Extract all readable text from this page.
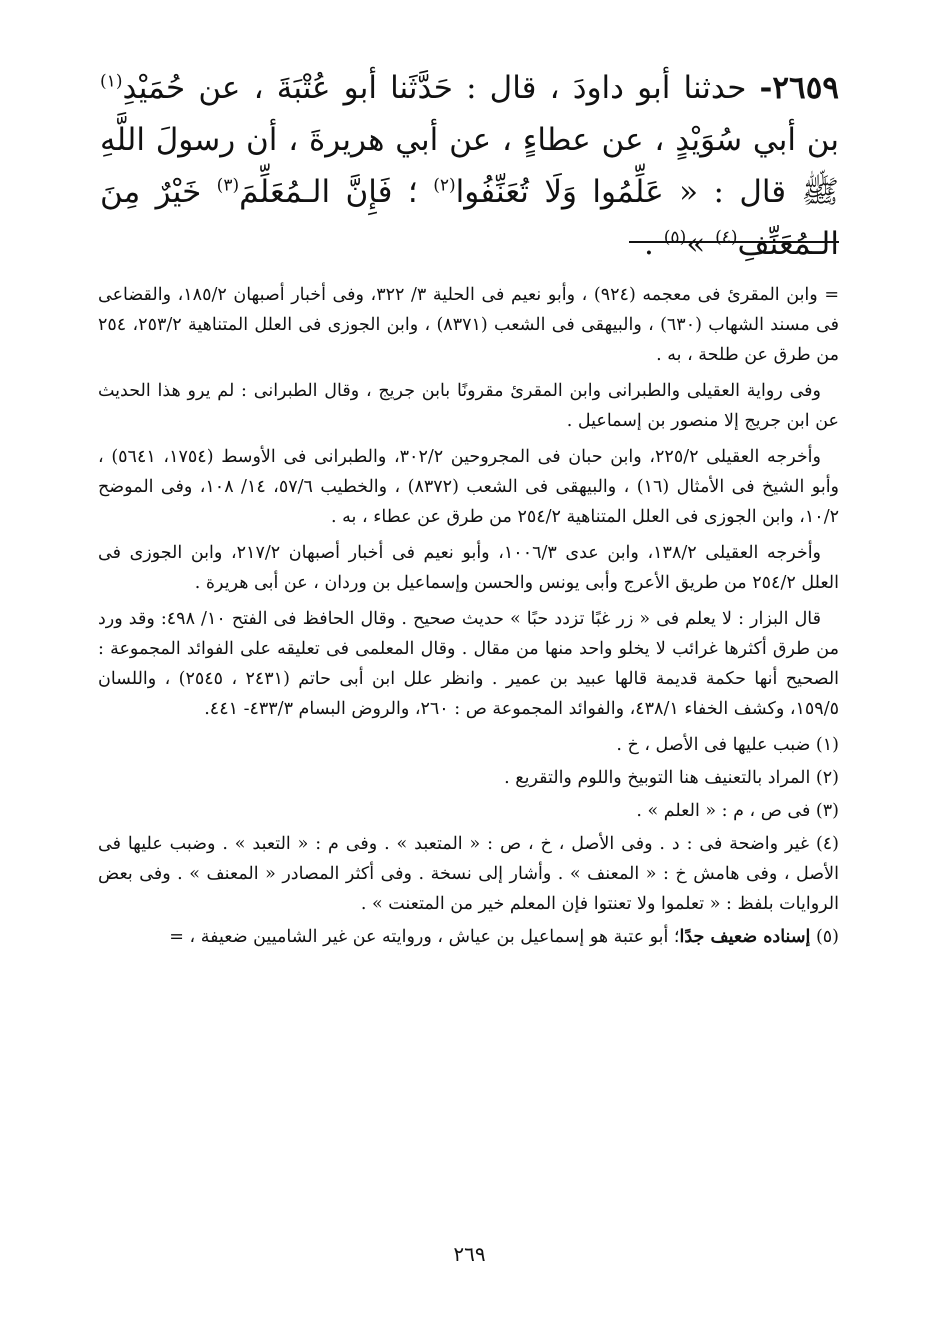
٢٦٥٩- حدثنا أبو داودَ ، قال : حَدَّثَنا أبو عُتْبَةَ ، عن حُمَيْدِ$^{(١)}$ بن أبي سُوَيْدٍ ، عن عطاءٍ ، عن أبي هريرةَ ، أن رسولَ اللَّهِ ﷺ قال : « عَلِّمُوا وَلَا تُعَنِّفُوا$^{(٢)}$ ؛ فَإِنَّ الـمُعَلِّمَ$^{(٣)}$ خَيْرٌ مِنَ الـمُعَنِّفِ$^{(٤)}$ »$^{(٥)}$ .

= وابن المقرئ فى معجمه (٩٢٤) ، وأبو نعيم فى الحلية ٣/ ٣٢٢، وفى أخبار أصبهان ١٨٥/٢، والقضاعى فى مسند الشهاب (٦٣٠) ، والبيهقى فى الشعب (٨٣٧١) ، وابن الجوزى فى العلل المتناهية ٢٥٣/٢، ٢٥٤ من طرق عن طلحة ، به .

وفى رواية العقيلى والطبرانى وابن المقرئ مقرونًا بابن جريج ، وقال الطبرانى : لم يرو هذا الحديث عن ابن جريج إلا منصور بن إسماعيل .

وأخرجه العقيلى ٢٢٥/٢، وابن حبان فى المجروحين ٣٠٢/٢، والطبرانى فى الأوسط (١٧٥٤، ٥٦٤١) ، وأبو الشيخ فى الأمثال (١٦) ، والبيهقى فى الشعب (٨٣٧٢) ، والخطيب ٥٧/٦، ١٤/ ١٠٨، وفى الموضح ١٠/٢، وابن الجوزى فى العلل المتناهية ٢٥٤/٢ من طرق عن عطاء ، به .

وأخرجه العقيلى ١٣٨/٢، وابن عدى ١٠٠٦/٣، وأبو نعيم فى أخبار أصبهان ٢١٧/٢، وابن الجوزى فى العلل ٢٥٤/٢ من طريق الأعرج وأبى يونس والحسن وإسماعيل بن وردان ، عن أبى هريرة .

قال البزار : لا يعلم فى « زر غبًا تزدد حبًا » حديث صحيح . وقال الحافظ فى الفتح ١٠/ ٤٩٨: وقد ورد من طرق أكثرها غرائب لا يخلو واحد منها من مقال . وقال المعلمى فى تعليقه على الفوائد المجموعة : الصحيح أنها حكمة قديمة قالها عبيد بن عمير . وانظر علل ابن أبى حاتم (٢٤٣١ ، ٢٥٤٥) ، واللسان ١٥٩/٥، وكشف الخفاء ٤٣٨/١، والفوائد المجموعة ص : ٢٦٠، والروض البسام ٤٣٣/٣- ٤٤١.

(١) ضبب عليها فى الأصل ، خ .

(٢) المراد بالتعنيف هنا التوبيخ واللوم والتقريع .

(٣) فى ص ، م : « العلم » .

(٤) غير واضحة فى : د . وفى الأصل ، خ ، ص : « المتعبد » . وفى م : « التعبد » . وضبب عليها فى الأصل ، وفى هامش خ : « المعنف » . وأشار إلى نسخة . وفى أكثر المصادر « المعنف » . وفى بعض الروايات بلفظ : « تعلموا ولا تعنتوا فإن المعلم خير من المتعنت » .

(٥) إسناده ضعيف جدًا؛ أبو عتبة هو إسماعيل بن عياش ، وروايته عن غير الشاميين ضعيفة ، =

٢٦٩
